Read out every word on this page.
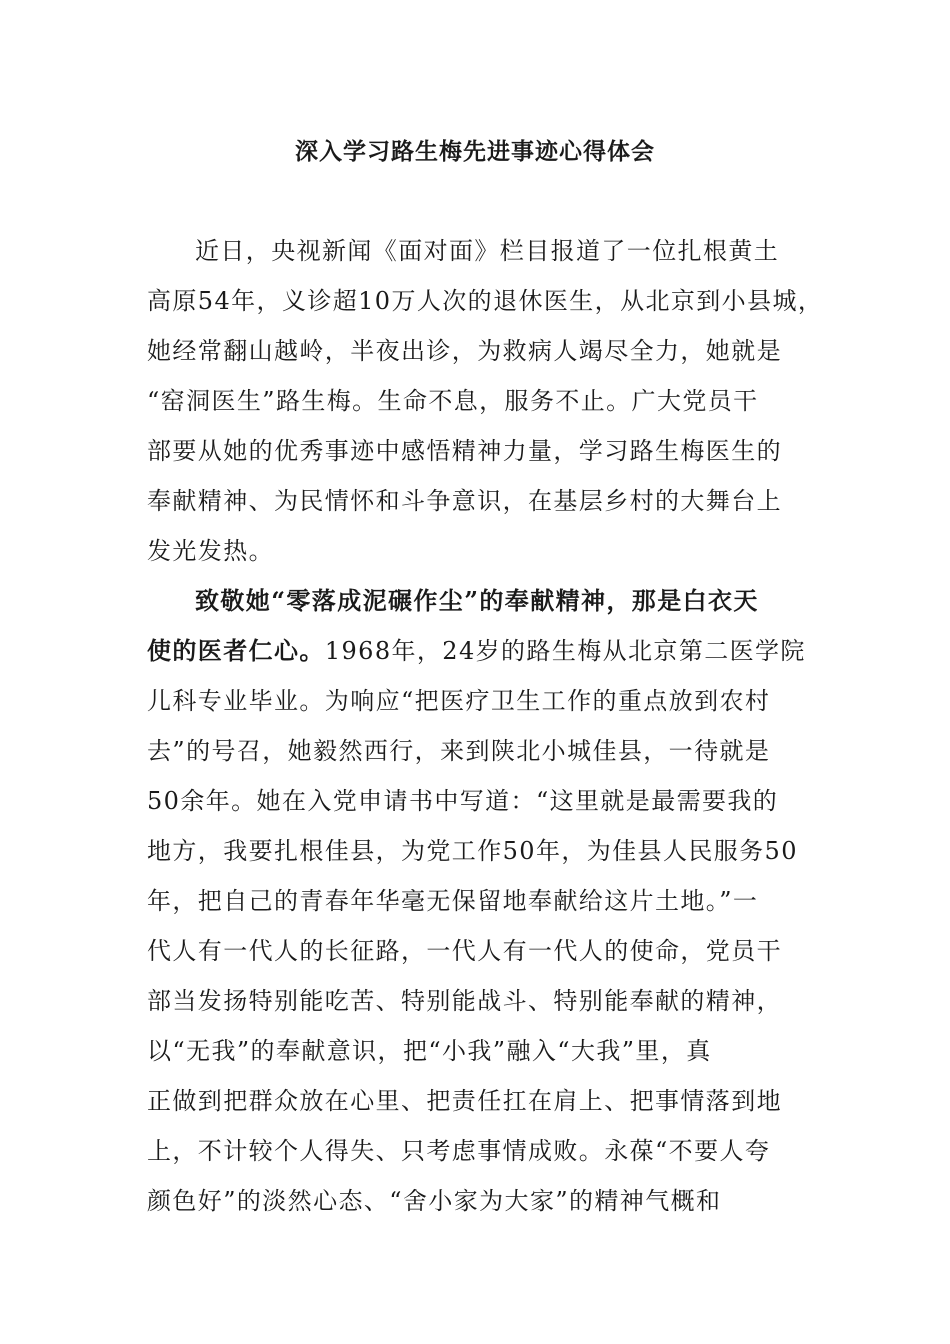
深入学习路生梅先进事迹心得体会
近日，央视新闻《面对面》栏目报道了一位扎根黄土
高原54年，义诊超10万人次的退休医生，从北京到小县城，
她经常翻山越岭，半夜出诊，为救病人竭尽全力，她就是
“窑洞医生”路生梅。生命不息，服务不止。广大党员干
部要从她的优秀事迹中感悟精神力量，学习路生梅医生的
奉献精神、为民情怀和斗争意识，在基层乡村的大舞台上
发光发热。
致敬她“零落成泥碾作尘”的奉献精神，那是白衣天
使的医者仁心。1968年，24岁的路生梅从北京第二医学院
儿科专业毕业。为响应“把医疗卫生工作的重点放到农村
去”的号召，她毅然西行，来到陕北小城佳县，一待就是
50余年。她在入党申请书中写道：“这里就是最需要我的
地方，我要扎根佳县，为党工作50年，为佳县人民服务50
年，把自己的青春年华毫无保留地奉献给这片土地。”一
代人有一代人的长征路，一代人有一代人的使命，党员干
部当发扬特别能吃苦、特别能战斗、特别能奉献的精神，
以“无我”的奉献意识，把“小我”融入“大我”里，真
正做到把群众放在心里、把责任扛在肩上、把事情落到地
上，不计较个人得失、只考虑事情成败。永葆“不要人夸
颜色好”的淡然心态、“舍小家为大家”的精神气概和
